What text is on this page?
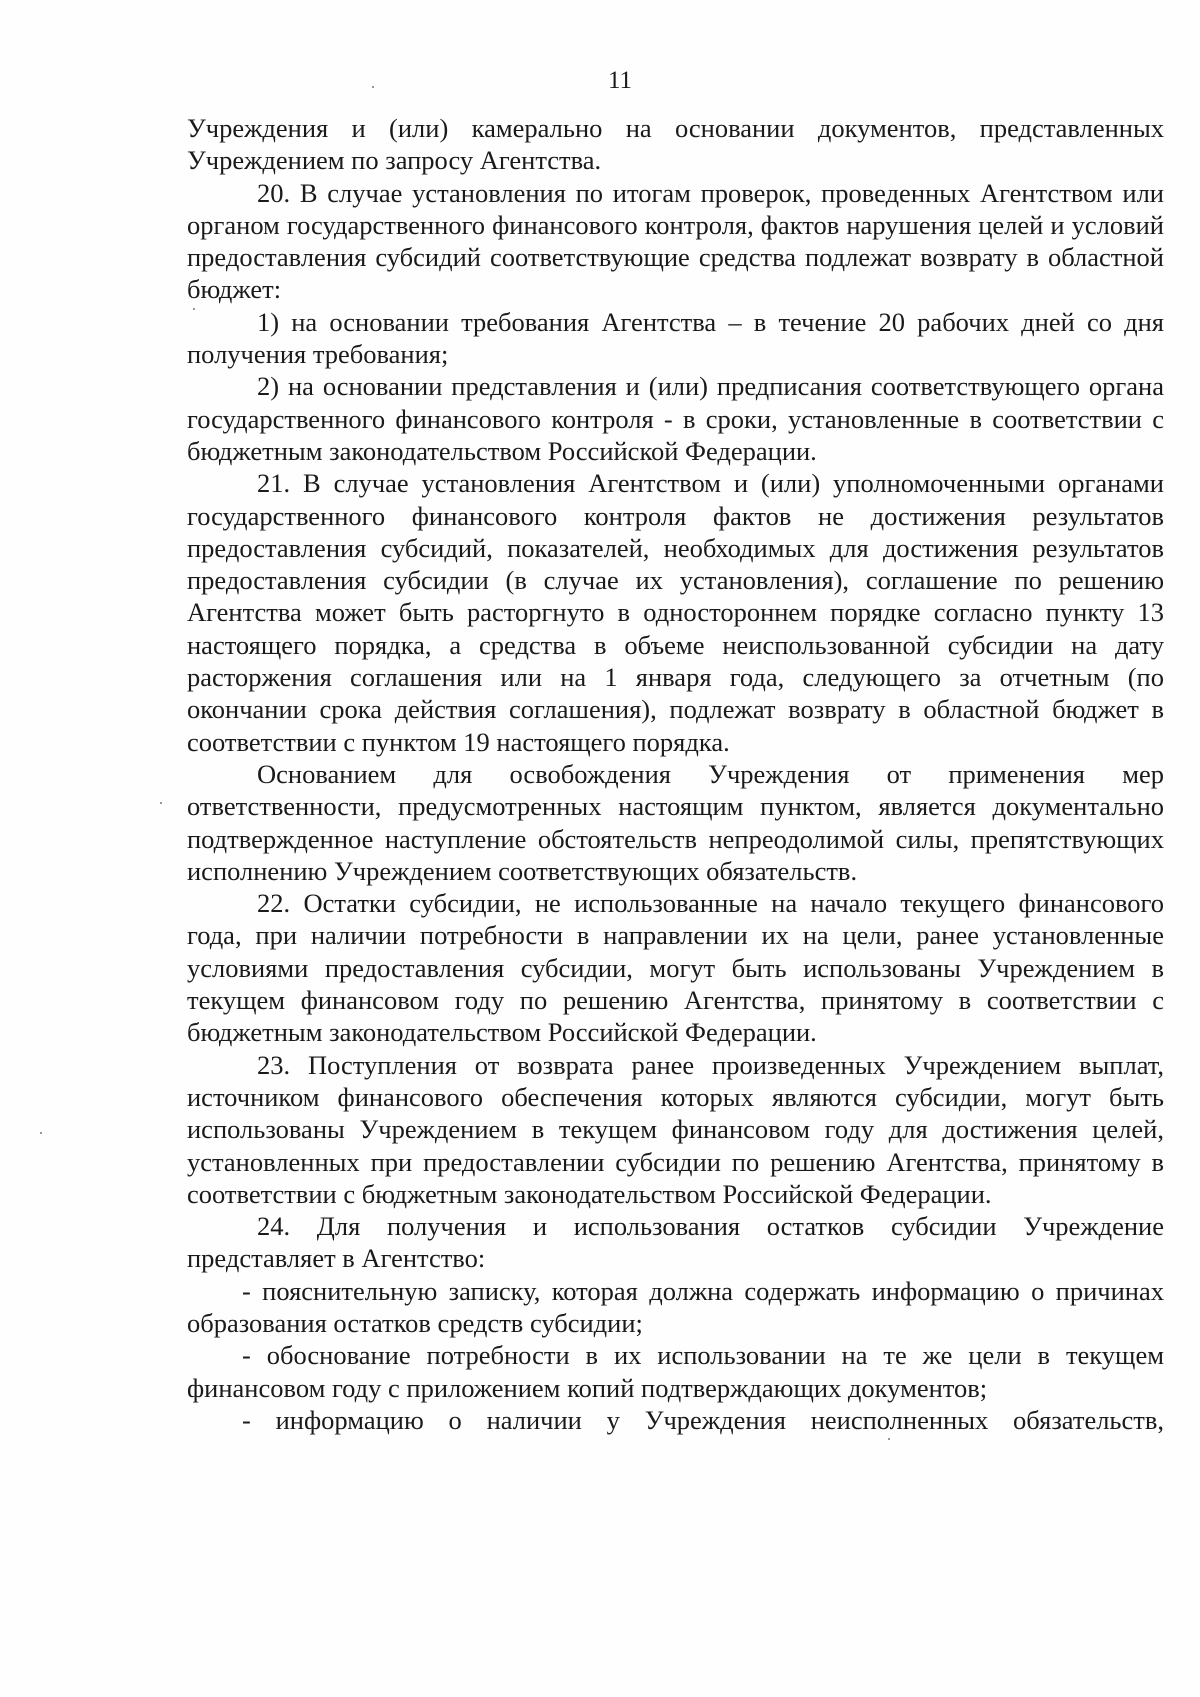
11

Учреждения и (или) камерально на основании документов, представленных Учреждением по запросу Агентства.

20. В случае установления по итогам проверок, проведенных Агентством или органом государственного финансового контроля, фактов нарушения целей и условий предоставления субсидий соответствующие средства подлежат возврату в областной бюджет:

1) на основании требования Агентства – в течение 20 рабочих дней со дня получения требования;

2) на основании представления и (или) предписания соответствующего органа государственного финансового контроля - в сроки, установленные в соответствии с бюджетным законодательством Российской Федерации.

21. В случае установления Агентством и (или) уполномоченными органами государственного финансового контроля фактов не достижения результатов предоставления субсидий, показателей, необходимых для достижения результатов предоставления субсидии (в случае их установления), соглашение по решению Агентства может быть расторгнуто в одностороннем порядке согласно пункту 13 настоящего порядка, а средства в объеме неиспользованной субсидии на дату расторжения соглашения или на 1 января года, следующего за отчетным (по окончании срока действия соглашения), подлежат возврату в областной бюджет в соответствии с пунктом 19 настоящего порядка.

Основанием для освобождения Учреждения от применения мер ответственности, предусмотренных настоящим пунктом, является документально подтвержденное наступление обстоятельств непреодолимой силы, препятствующих исполнению Учреждением соответствующих обязательств.

22. Остатки субсидии, не использованные на начало текущего финансового года, при наличии потребности в направлении их на цели, ранее установленные условиями предоставления субсидии, могут быть использованы Учреждением в текущем финансовом году по решению Агентства, принятому в соответствии с бюджетным законодательством Российской Федерации.

23. Поступления от возврата ранее произведенных Учреждением выплат, источником финансового обеспечения которых являются субсидии, могут быть использованы Учреждением в текущем финансовом году для достижения целей, установленных при предоставлении субсидии по решению Агентства, принятому в соответствии с бюджетным законодательством Российской Федерации.

24. Для получения и использования остатков субсидии Учреждение представляет в Агентство:

- пояснительную записку, которая должна содержать информацию о причинах образования остатков средств субсидии;

- обоснование потребности в их использовании на те же цели в текущем финансовом году с приложением копий подтверждающих документов;

- информацию о наличии у Учреждения неисполненных обязательств,
